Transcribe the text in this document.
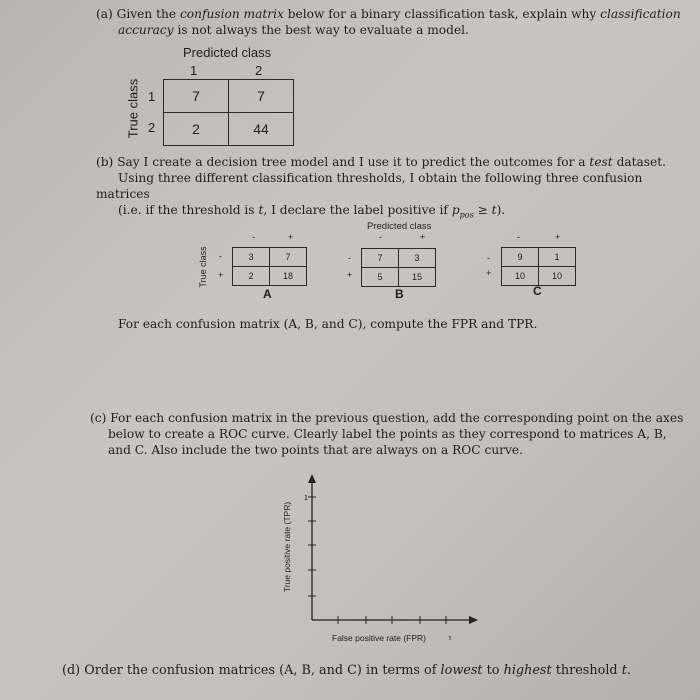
(a) Given the confusion matrix below for a binary classification task, explain why classification
accuracy is not always the best way to evaluate a model.
Predicted class
1	2
True class 1
2
7	7
2	44
(b) Say I create a decision tree model and I use it to predict the outcomes for a test dataset.
Using three different classification thresholds, I obtain the following three confusion matrices
(i.e. if the threshold is t, I declare the label positive if $p_{pos} \ge t$).
Predicted class
True class
-	+
-
+
3	7
2	18
A
-	+
-
+
7	3
5	15
B
-	+
-
+
9	1
10	10
C
For each confusion matrix (A, B, and C), compute the FPR and TPR.
(c) For each confusion matrix in the previous question, add the corresponding point on the axes
below to create a ROC curve. Clearly label the points as they correspond to matrices A, B,
and C. Also include the two points that are always on a ROC curve.
1
1
True positive rate (TPR)
False positive rate (FPR)
(d) Order the confusion matrices (A, B, and C) in terms of lowest to highest threshold t.
